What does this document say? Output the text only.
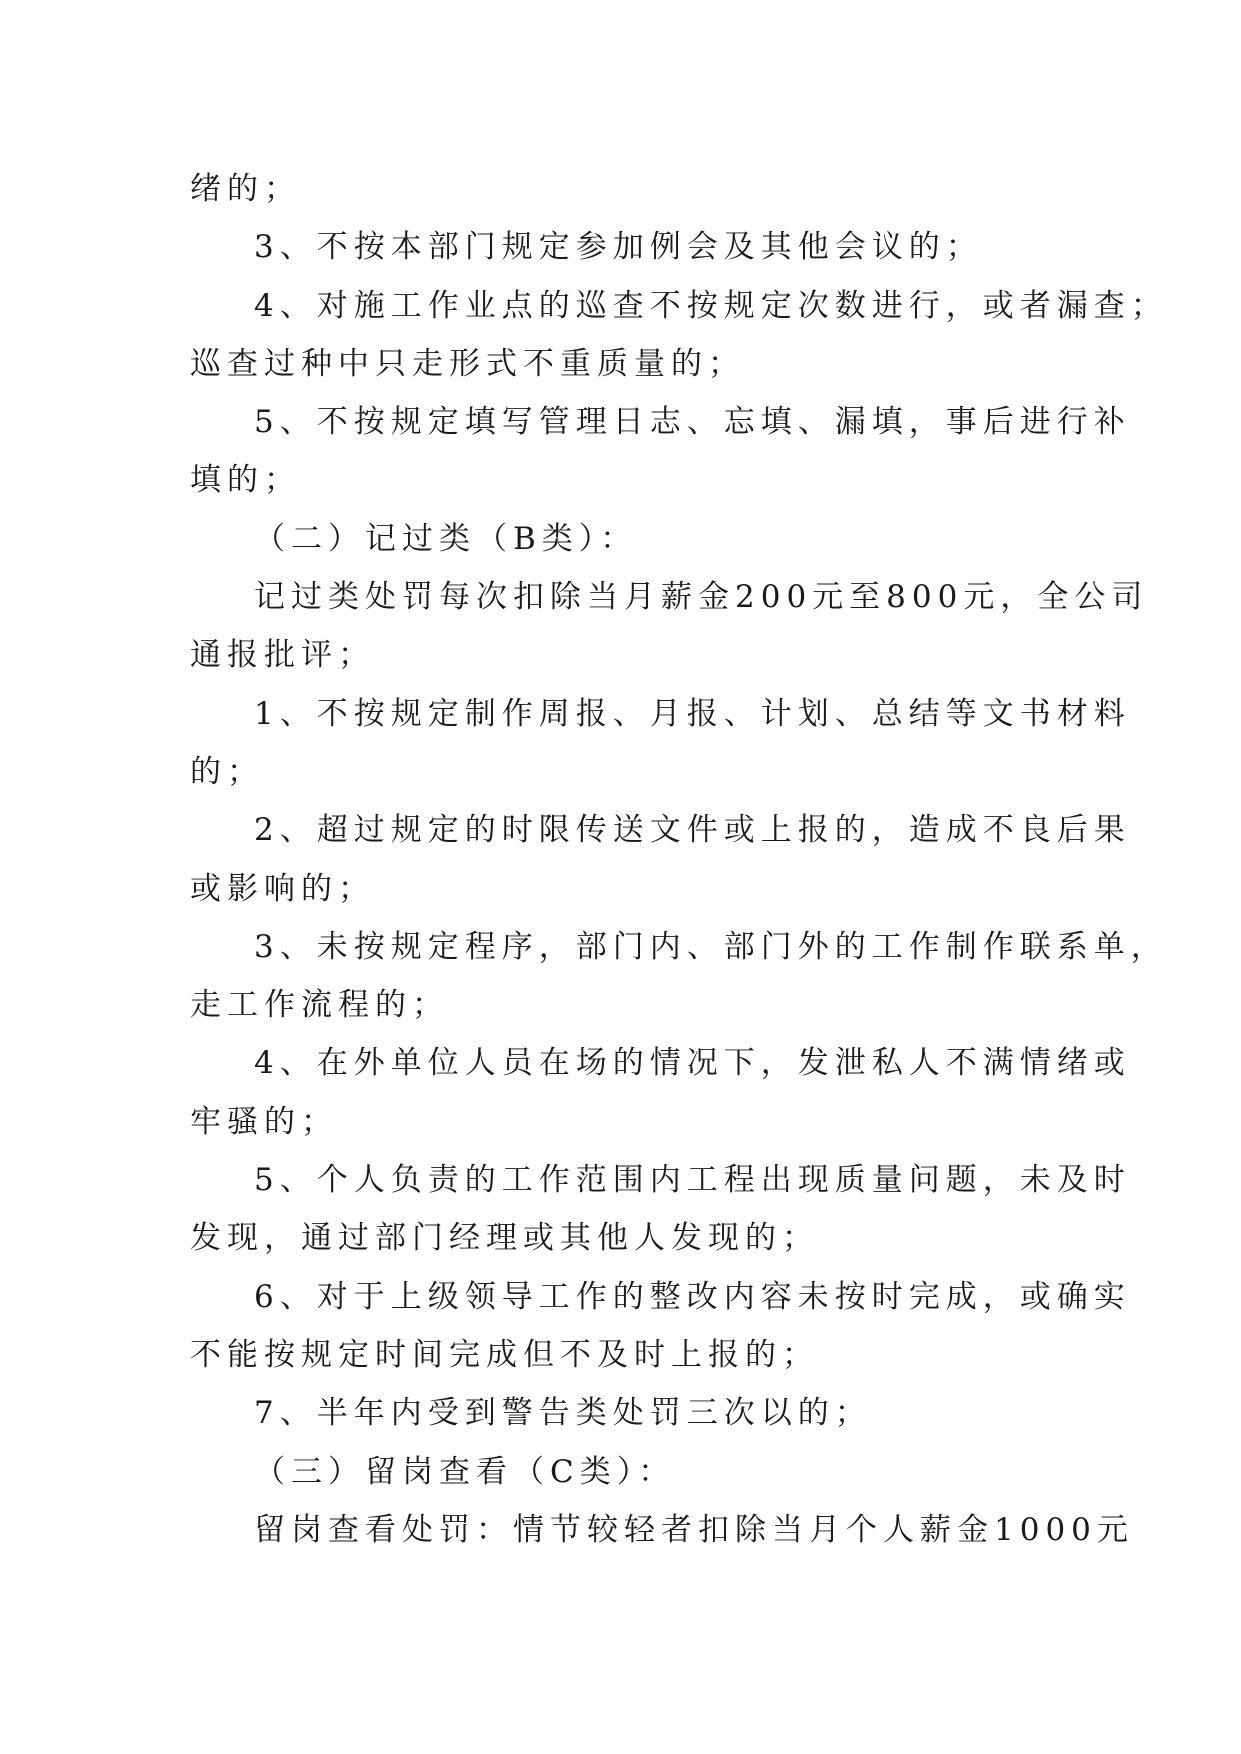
绪的；
3、不按本部门规定参加例会及其他会议的；
4、对施工作业点的巡查不按规定次数进行，或者漏查；
巡查过种中只走形式不重质量的；
5、不按规定填写管理日志、忘填、漏填，事后进行补
填的；
（二）记过类（B类）：
记过类处罚每次扣除当月薪金200元至800元，全公司
通报批评；
1、不按规定制作周报、月报、计划、总结等文书材料
的；
2、超过规定的时限传送文件或上报的，造成不良后果
或影响的；
3、未按规定程序，部门内、部门外的工作制作联系单，
走工作流程的；
4、在外单位人员在场的情况下，发泄私人不满情绪或
牢骚的；
5、个人负责的工作范围内工程出现质量问题，未及时
发现，通过部门经理或其他人发现的；
6、对于上级领导工作的整改内容未按时完成，或确实
不能按规定时间完成但不及时上报的；
7、半年内受到警告类处罚三次以的；
（三）留岗查看（C类）：
留岗查看处罚：情节较轻者扣除当月个人薪金1000元
